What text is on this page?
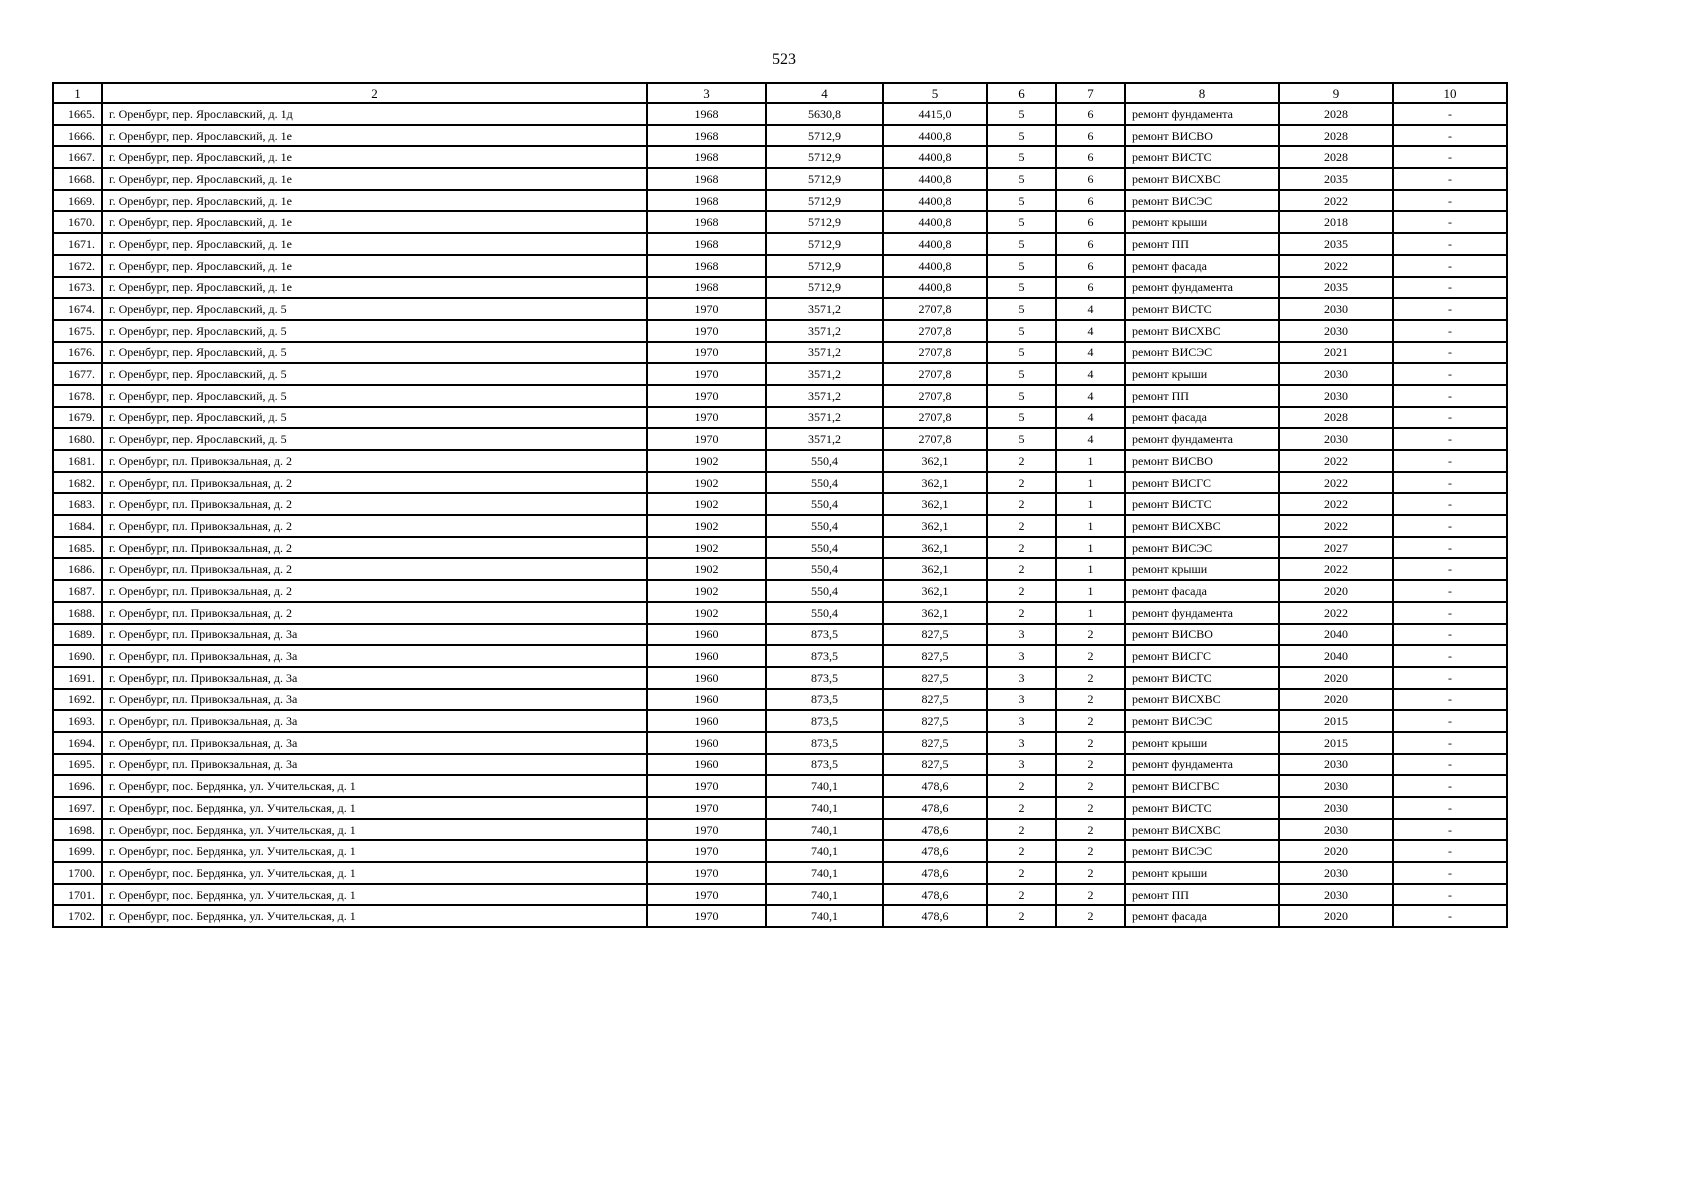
523
1	2	3	4	5	6	7	8	9	10
1665.	г. Оренбург, пер. Ярославский, д. 1д	1968	5630,8	4415,0	5	6	ремонт фундамента	2028	-
1666.	г. Оренбург, пер. Ярославский, д. 1е	1968	5712,9	4400,8	5	6	ремонт ВИСВО	2028	-
1667.	г. Оренбург, пер. Ярославский, д. 1е	1968	5712,9	4400,8	5	6	ремонт ВИСТС	2028	-
1668.	г. Оренбург, пер. Ярославский, д. 1е	1968	5712,9	4400,8	5	6	ремонт ВИСХВС	2035	-
1669.	г. Оренбург, пер. Ярославский, д. 1е	1968	5712,9	4400,8	5	6	ремонт ВИСЭС	2022	-
1670.	г. Оренбург, пер. Ярославский, д. 1е	1968	5712,9	4400,8	5	6	ремонт крыши	2018	-
1671.	г. Оренбург, пер. Ярославский, д. 1е	1968	5712,9	4400,8	5	6	ремонт ПП	2035	-
1672.	г. Оренбург, пер. Ярославский, д. 1е	1968	5712,9	4400,8	5	6	ремонт фасада	2022	-
1673.	г. Оренбург, пер. Ярославский, д. 1е	1968	5712,9	4400,8	5	6	ремонт фундамента	2035	-
1674.	г. Оренбург, пер. Ярославский, д. 5	1970	3571,2	2707,8	5	4	ремонт ВИСТС	2030	-
1675.	г. Оренбург, пер. Ярославский, д. 5	1970	3571,2	2707,8	5	4	ремонт ВИСХВС	2030	-
1676.	г. Оренбург, пер. Ярославский, д. 5	1970	3571,2	2707,8	5	4	ремонт ВИСЭС	2021	-
1677.	г. Оренбург, пер. Ярославский, д. 5	1970	3571,2	2707,8	5	4	ремонт крыши	2030	-
1678.	г. Оренбург, пер. Ярославский, д. 5	1970	3571,2	2707,8	5	4	ремонт ПП	2030	-
1679.	г. Оренбург, пер. Ярославский, д. 5	1970	3571,2	2707,8	5	4	ремонт фасада	2028	-
1680.	г. Оренбург, пер. Ярославский, д. 5	1970	3571,2	2707,8	5	4	ремонт фундамента	2030	-
1681.	г. Оренбург, пл. Привокзальная, д. 2	1902	550,4	362,1	2	1	ремонт ВИСВО	2022	-
1682.	г. Оренбург, пл. Привокзальная, д. 2	1902	550,4	362,1	2	1	ремонт ВИСГС	2022	-
1683.	г. Оренбург, пл. Привокзальная, д. 2	1902	550,4	362,1	2	1	ремонт ВИСТС	2022	-
1684.	г. Оренбург, пл. Привокзальная, д. 2	1902	550,4	362,1	2	1	ремонт ВИСХВС	2022	-
1685.	г. Оренбург, пл. Привокзальная, д. 2	1902	550,4	362,1	2	1	ремонт ВИСЭС	2027	-
1686.	г. Оренбург, пл. Привокзальная, д. 2	1902	550,4	362,1	2	1	ремонт крыши	2022	-
1687.	г. Оренбург, пл. Привокзальная, д. 2	1902	550,4	362,1	2	1	ремонт фасада	2020	-
1688.	г. Оренбург, пл. Привокзальная, д. 2	1902	550,4	362,1	2	1	ремонт фундамента	2022	-
1689.	г. Оренбург, пл. Привокзальная, д. 3а	1960	873,5	827,5	3	2	ремонт ВИСВО	2040	-
1690.	г. Оренбург, пл. Привокзальная, д. 3а	1960	873,5	827,5	3	2	ремонт ВИСГС	2040	-
1691.	г. Оренбург, пл. Привокзальная, д. 3а	1960	873,5	827,5	3	2	ремонт ВИСТС	2020	-
1692.	г. Оренбург, пл. Привокзальная, д. 3а	1960	873,5	827,5	3	2	ремонт ВИСХВС	2020	-
1693.	г. Оренбург, пл. Привокзальная, д. 3а	1960	873,5	827,5	3	2	ремонт ВИСЭС	2015	-
1694.	г. Оренбург, пл. Привокзальная, д. 3а	1960	873,5	827,5	3	2	ремонт крыши	2015	-
1695.	г. Оренбург, пл. Привокзальная, д. 3а	1960	873,5	827,5	3	2	ремонт фундамента	2030	-
1696.	г. Оренбург, пос. Бердянка, ул. Учительская, д. 1	1970	740,1	478,6	2	2	ремонт ВИСГВС	2030	-
1697.	г. Оренбург, пос. Бердянка, ул. Учительская, д. 1	1970	740,1	478,6	2	2	ремонт ВИСТС	2030	-
1698.	г. Оренбург, пос. Бердянка, ул. Учительская, д. 1	1970	740,1	478,6	2	2	ремонт ВИСХВС	2030	-
1699.	г. Оренбург, пос. Бердянка, ул. Учительская, д. 1	1970	740,1	478,6	2	2	ремонт ВИСЭС	2020	-
1700.	г. Оренбург, пос. Бердянка, ул. Учительская, д. 1	1970	740,1	478,6	2	2	ремонт крыши	2030	-
1701.	г. Оренбург, пос. Бердянка, ул. Учительская, д. 1	1970	740,1	478,6	2	2	ремонт ПП	2030	-
1702.	г. Оренбург, пос. Бердянка, ул. Учительская, д. 1	1970	740,1	478,6	2	2	ремонт фасада	2020	-
